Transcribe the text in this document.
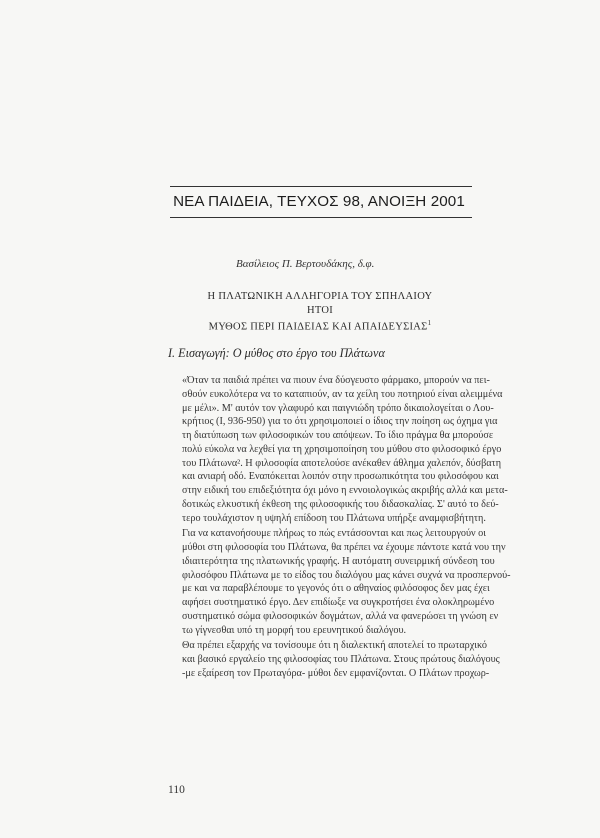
ΝΕΑ ΠΑΙΔΕΙΑ, ΤΕΥΧΟΣ 98, ΑΝΟΙΞΗ 2001
Βασίλειος Π. Βερτουδάκης, δ.φ.
Η ΠΛΑΤΩΝΙΚΗ ΑΛΛΗΓΟΡΙΑ ΤΟΥ ΣΠΗΛΑΙΟΥ
ΗΤΟΙ
ΜΥΘΟΣ ΠΕΡΙ ΠΑΙΔΕΙΑΣ ΚΑΙ ΑΠΑΙΔΕΥΣΙΑΣ$^1$
Ι. Εισαγωγή: Ο μύθος στο έργο του Πλάτωνα

«Όταν τα παιδιά πρέπει να πιουν ένα δύσγευστο φάρμακο, μπορούν να πει-
σθούν ευκολότερα να το καταπιούν, αν τα χείλη του ποτηριού είναι αλειμμένα
με μέλι». Μ' αυτόν τον γλαφυρό και παιγνιώδη τρόπο δικαιολογείται ο Λου-
κρήτιος (Ι, 936-950) για το ότι χρησιμοποιεί ο ίδιος την ποίηση ως όχημα για
τη διατύπωση των φιλοσοφικών του απόψεων. Το ίδιο πράγμα θα μπορούσε
πολύ εύκολα να λεχθεί για τη χρησιμοποίηση του μύθου στο φιλοσοφικό έργο
του Πλάτωνα². Η φιλοσοφία αποτελούσε ανέκαθεν άθλημα χαλεπόν, δύσβατη
και ανιαρή οδό. Εναπόκειται λοιπόν στην προσωπικότητα του φιλοσόφου και
στην ειδική του επιδεξιότητα όχι μόνο η εννοιολογικώς ακριβής αλλά και μετα-
δοτικώς ελκυστική έκθεση της φιλοσοφικής του διδασκαλίας. Σ' αυτό το δεύ-
τερο τουλάχιστον η υψηλή επίδοση του Πλάτωνα υπήρξε αναμφισβήτητη.

Για να κατανοήσουμε πλήρως το πώς εντάσσονται και πως λειτουργούν οι
μύθοι στη φιλοσοφία του Πλάτωνα, θα πρέπει να έχουμε πάντοτε κατά νου την
ιδιαιτερότητα της πλατωνικής γραφής. Η αυτόματη συνειρμική σύνδεση του
φιλοσόφου Πλάτωνα με το είδος του διαλόγου μας κάνει συχνά να προσπερνού-
με και να παραβλέπουμε το γεγονός ότι ο αθηναίος φιλόσοφος δεν μας έχει
αφήσει συστηματικό έργο. Δεν επιδίωξε να συγκροτήσει ένα ολοκληρωμένο
συστηματικό σώμα φιλοσοφικών δογμάτων, αλλά να φανερώσει τη γνώση εν
τω γίγνεσθαι υπό τη μορφή του ερευνητικού διαλόγου.

Θα πρέπει εξαρχής να τονίσουμε ότι η διαλεκτική αποτελεί το πρωταρχικό
και βασικό εργαλείο της φιλοσοφίας του Πλάτωνα. Στους πρώτους διαλόγους
-με εξαίρεση τον Πρωταγόρα- μύθοι δεν εμφανίζονται. Ο Πλάτων προχωρ-

110
